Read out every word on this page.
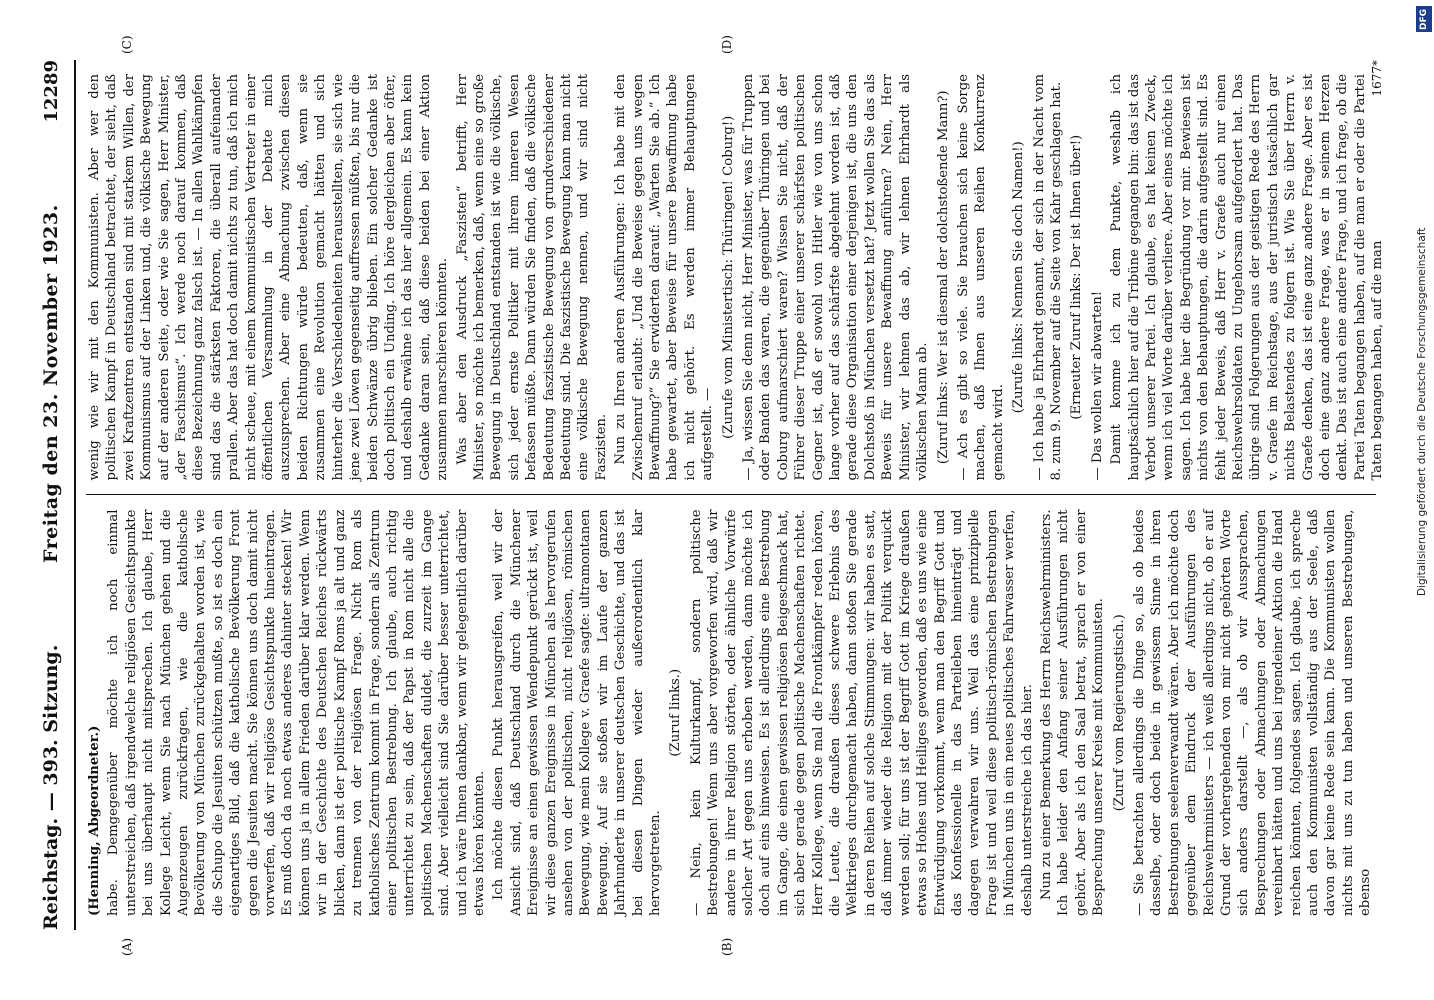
Reichstag. — 393. Sitzung.
Freitag den 23. November 1923.
12289
(A)	(B)
(C)	(D)

(Henning, Abgeordneter.) habe. Demgegenüber möchte ich noch einmal unterstreichen, daß irgendwelche religiösen Gesichtspunkte bei uns überhaupt nicht mitsprechen. Ich glaube, Herr Kollege Leicht, wenn Sie nach München gehen und die Augenzeugen zurückfragen, wie die katholische Bevölkerung von München zurückgehalten worden ist, wie die Schupo die Jesuiten schützen mußte, so ist es doch ein eigenartiges Bild, daß die katholische Bevölkerung Front gegen die Jesuiten macht. Sie können uns doch damit nicht vorwerfen, daß wir religiöse Gesichtspunkte hineintragen. Es muß doch da noch etwas anderes dahinter stecken! Wir können uns ja in allem Frieden darüber klar werden. Wenn wir in der Geschichte des Deutschen Reiches rückwärts blicken, dann ist der politische Kampf Roms ja alt und ganz zu trennen von der religiösen Frage. Nicht Rom als katholisches Zentrum kommt in Frage, sondern als Zentrum einer politischen Bestrebung. Ich glaube, auch richtig unterrichtet zu sein, daß der Papst in Rom nicht alle die politischen Machenschaften duldet, die zurzeit im Gange sind. Aber vielleicht sind Sie darüber besser unterrichtet, und ich wäre Ihnen dankbar, wenn wir gelegentlich darüber etwas hören könnten. Ich möchte diesen Punkt herausgreifen, weil wir der Ansicht sind, daß Deutschland durch die Münchener Ereignisse an einen gewissen Wendepunkt gerückt ist, weil wir diese ganzen Ereignisse in München als hervorgerufen ansehen von der politischen, nicht religiösen, römischen Bewegung, wie mein Kollege v. Graefe sagte: ultramontanen Bewegung. Auf sie stoßen wir im Laufe der ganzen Jahrhunderte in unserer deutschen Geschichte, und das ist bei diesen Dingen wieder außerordentlich klar hervorgetreten.

(Zuruf links.) — Nein, kein Kulturkampf, sondern politische Bestrebungen! Wenn uns aber vorgeworfen wird, daß wir andere in ihrer Religion störten, oder ähnliche Vorwürfe solcher Art gegen uns erhoben werden, dann möchte ich doch auf eins hinweisen. Es ist allerdings eine Bestrebung im Gange, die einen gewissen religiösen Beigeschmack hat, sich aber gerade gegen politische Machenschaften richtet. Herr Kollege, wenn Sie mal die Frontkämpfer reden hören, die Leute, die draußen dieses schwere Erlebnis des Weltkrieges durchgemacht haben, dann stoßen Sie gerade in deren Reihen auf solche Stimmungen: wir haben es satt, daß immer wieder die Religion mit der Politik verquickt werden soll; für uns ist der Begriff Gott im Kriege draußen etwas so Hohes und Heiliges geworden, daß es uns wie eine Entwürdigung vorkommt, wenn man den Begriff Gott und das Konfessionelle in das Parteileben hineinträgt und dagegen verwahren wir uns. Weil das eine prinzipielle Frage ist und weil diese politisch-römischen Bestrebungen in München uns in ein neues politisches Fahrwasser werfen, deshalb unterstreiche ich das hier. Nun zu einer Bemerkung des Herrn Reichswehrministers. Ich habe leider den Anfang seiner Ausführungen nicht gehört. Aber als ich den Saal betrat, sprach er von einer Besprechung unserer Kreise mit Kommunisten. (Zuruf vom Regierungstisch.) — Sie betrachten allerdings die Dinge so, als ob beides dasselbe, oder doch beide in gewissem Sinne in ihren Bestrebungen seelenverwandt wären. Aber ich möchte doch gegenüber dem Eindruck der Ausführungen des Reichswehrministers — ich weiß allerdings nicht, ob er auf Grund der vorhergehenden von mir nicht gehörten Worte sich anders darstellt —, als ob wir Aussprachen, Besprechungen oder Abmachungen oder Abmachungen vereinbart hätten und uns bei irgendeiner Aktion die Hand reichen könnten, folgendes sagen. Ich glaube, ich spreche auch den Kommunisten vollständig aus der Seele, daß davon gar keine Rede sein kann. Die Kommunisten wollen nichts mit uns zu tun haben und unseren Bestrebungen, ebenso

wenig wie wir mit den Kommunisten. Aber wer den politischen Kampf in Deutschland betrachtet, der sieht, daß zwei Kraftzentren entstanden sind mit starkem Willen, der Kommunismus auf der Linken und, die völkische Bewegung auf der anderen Seite, oder wie Sie sagen, Herr Minister, „der Faschismus“. Ich werde noch darauf kommen, daß diese Bezeichnung ganz falsch ist. — In allen Wahlkämpfen sind das die stärksten Faktoren, die überall aufeinander prallen. Aber das hat doch damit nichts zu tun, daß ich mich nicht scheue, mit einem kommunistischen Vertreter in einer öffentlichen Versammlung in der Debatte mich auszusprechen. Aber eine Abmachung zwischen diesen beiden Richtungen würde bedeuten, daß, wenn sie zusammen eine Revolution gemacht hätten und sich hinterher die Verschiedenheiten herausstellten, sie sich wie jene zwei Löwen gegenseitig auffressen müßten, bis nur die beiden Schwänze übrig blieben. Ein solcher Gedanke ist doch politisch ein Unding. Ich höre dergleichen aber öfter, und deshalb erwähne ich das hier allgemein. Es kann kein Gedanke daran sein, daß diese beiden bei einer Aktion zusammen marschieren könnten. Was aber den Ausdruck „Faszisten“ betrifft, Herr Minister, so möchte ich bemerken, daß, wenn eine so große Bewegung in Deutschland entstanden ist wie die völkische, sich jeder ernste Politiker mit ihrem inneren Wesen befassen müßte. Dann würden Sie finden, daß die völkische Bedeutung faszistische Bewegung von grundverschiedener Bedeutung sind. Die faszistische Bewegung kann man nicht eine völkische Bewegung nennen, und wir sind nicht Faszisten. Nun zu Ihren anderen Ausführungen: Ich habe mit den Zwischenruf erlaubt: „Und die Beweise gegen uns wegen Bewaffnung?“ Sie erwiderten darauf: „Warten Sie ab.“ Ich habe gewartet, aber Beweise für unsere Bewaffnung habe ich nicht gehört. Es werden immer Behauptungen aufgestellt. — (Zurufe vom Ministertisch: Thüringen! Coburg!) — Ja, wissen Sie denn nicht, Herr Minister, was für Truppen oder Banden das waren, die gegenüber Thüringen und bei Coburg aufmarschiert waren? Wissen Sie nicht, daß der Führer dieser Truppe einer unserer schärfsten politischen Gegner ist, daß er sowohl von Hitler wie von uns schon lange vorher auf das schärfste abgelehnt worden ist, daß gerade diese Organisation einer derjenigen ist, die uns den Dolchstoß in München versetzt hat? Jetzt wollen Sie das als Beweis für unsere Bewaffnung anführen? Nein, Herr Minister, wir lehnen das ab, wir lehnen Ehrhardt als völkischen Mann ab. (Zuruf links: Wer ist diesmal der dolchstoßende Mann?) — Ach es gibt so viele. Sie brauchen sich keine Sorge machen, daß Ihnen aus unseren Reihen Konkurrenz gemacht wird.

(Zurufe links: Nennen Sie doch Namen!) — Ich habe ja Ehrhardt genannt, der sich in der Nacht vom 8. zum 9. November auf die Seite von Kahr geschlagen hat. (Erneuter Zuruf links: Der ist Ihnen über!) — Das wollen wir abwarten! Damit komme ich zu dem Punkte, weshalb ich hauptsächlich hier auf die Tribüne gegangen bin: das ist das Verbot unserer Partei. Ich glaube, es hat keinen Zweck, wenn ich viel Worte darüber verliere. Aber eines möchte ich sagen. Ich habe hier die Begründung vor mir. Bewiesen ist nichts von den Behauptungen, die darin aufgestellt sind. Es fehlt jeder Beweis, daß Herr v. Graefe auch nur einen Reichswehrsoldaten zu Ungehorsam aufgefordert hat. Das übrige sind Folgerungen aus der geistigen Rede des Herrn v. Graefe im Reichstage, aus der juristisch tatsächlich gar nichts Belastendes zu folgern ist. Wie Sie über Herrn v. Graefe denken, das ist eine ganz andere Frage. Aber es ist doch eine ganz andere Frage, was er in seinem Herzen denkt. Das ist auch eine andere Frage, und ich frage, ob die Partei Taten begangen haben, auf die man er oder die Partei Taten begangen haben, auf die man

1677*
DFG
Digitalisierung gefördert durch die Deutsche Forschungsgemeinschaft
